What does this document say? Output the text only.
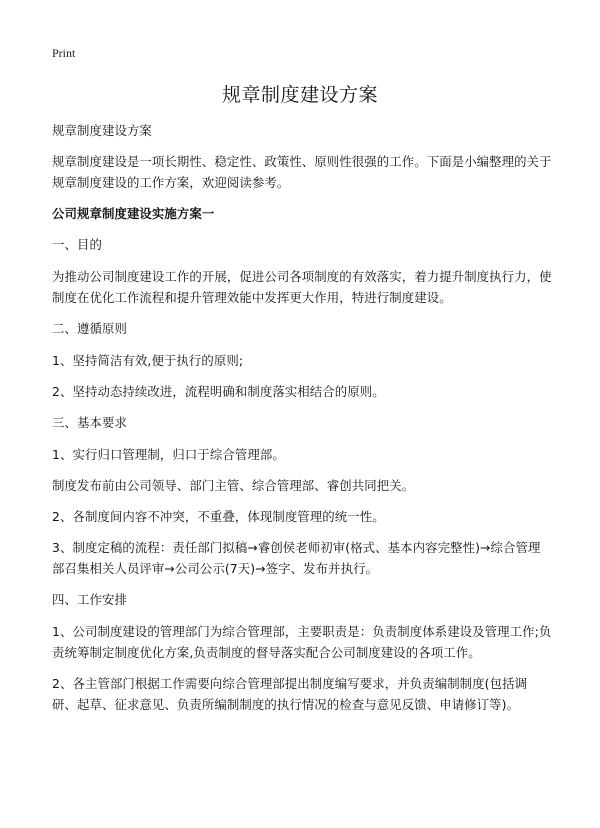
Print
规章制度建设方案

规章制度建设方案

规章制度建设是一项长期性、稳定性、政策性、原则性很强的工作。下面是小编整理的关于规章制度建设的工作方案，欢迎阅读参考。

公司规章制度建设实施方案一

一、目的

为推动公司制度建设工作的开展，促进公司各项制度的有效落实，着力提升制度执行力，使制度在优化工作流程和提升管理效能中发挥更大作用，特进行制度建设。

二、遵循原则

1、坚持简洁有效,便于执行的原则;

2、坚持动态持续改进，流程明确和制度落实相结合的原则。

三、基本要求

1、实行归口管理制，归口于综合管理部。

制度发布前由公司领导、部门主管、综合管理部、睿创共同把关。

2、各制度间内容不冲突，不重叠，体现制度管理的统一性。

3、制度定稿的流程：责任部门拟稿→睿创侯老师初审(格式、基本内容完整性)→综合管理部召集相关人员评审→公司公示(7天)→签字、发布并执行。

四、工作安排

1、公司制度建设的管理部门为综合管理部，主要职责是：负责制度体系建设及管理工作;负责统筹制定制度优化方案,负责制度的督导落实配合公司制度建设的各项工作。

2、各主管部门根据工作需要向综合管理部提出制度编写要求，并负责编制制度(包括调研、起草、征求意见、负责所编制制度的执行情况的检查与意见反馈、申请修订等)。
